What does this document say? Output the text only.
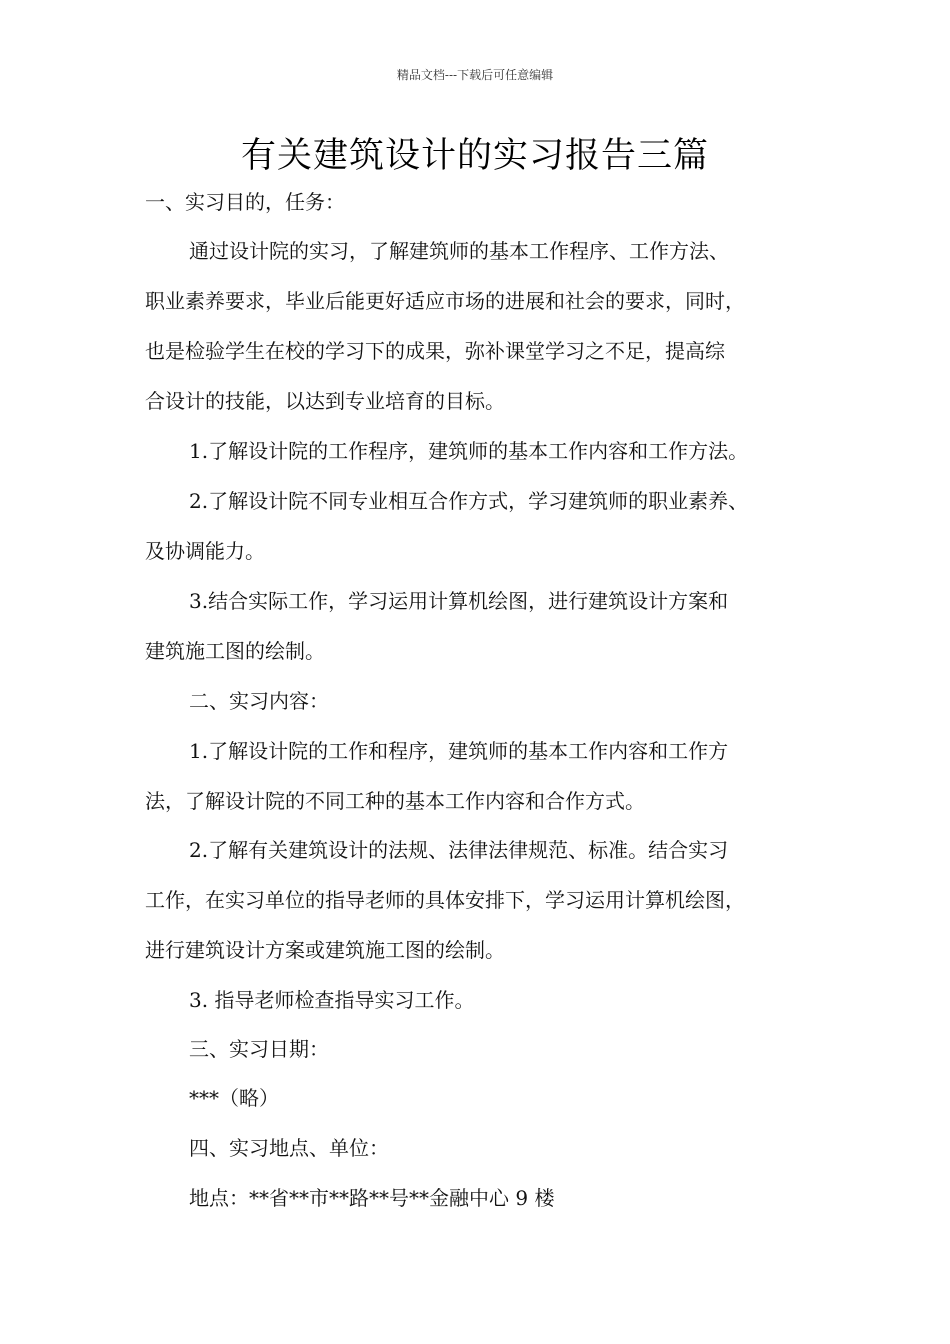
精品文档---下载后可任意编辑
有关建筑设计的实习报告三篇
一、实习目的，任务：
通过设计院的实习，了解建筑师的基本工作程序、工作方法、
职业素养要求，毕业后能更好适应市场的进展和社会的要求，同时，
也是检验学生在校的学习下的成果，弥补课堂学习之不足，提高综
合设计的技能，以达到专业培育的目标。
1.了解设计院的工作程序，建筑师的基本工作内容和工作方法。
2.了解设计院不同专业相互合作方式，学习建筑师的职业素养、
及协调能力。
3.结合实际工作，学习运用计算机绘图，进行建筑设计方案和
建筑施工图的绘制。
二、实习内容：
1.了解设计院的工作和程序，建筑师的基本工作内容和工作方
法，了解设计院的不同工种的基本工作内容和合作方式。
2.了解有关建筑设计的法规、法律法律规范、标准。结合实习
工作，在实习单位的指导老师的具体安排下，学习运用计算机绘图，
进行建筑设计方案或建筑施工图的绘制。
3. 指导老师检查指导实习工作。
三、实习日期：
***（略）
四、实习地点、单位：
地点：**省**市**路**号**金融中心 9 楼
